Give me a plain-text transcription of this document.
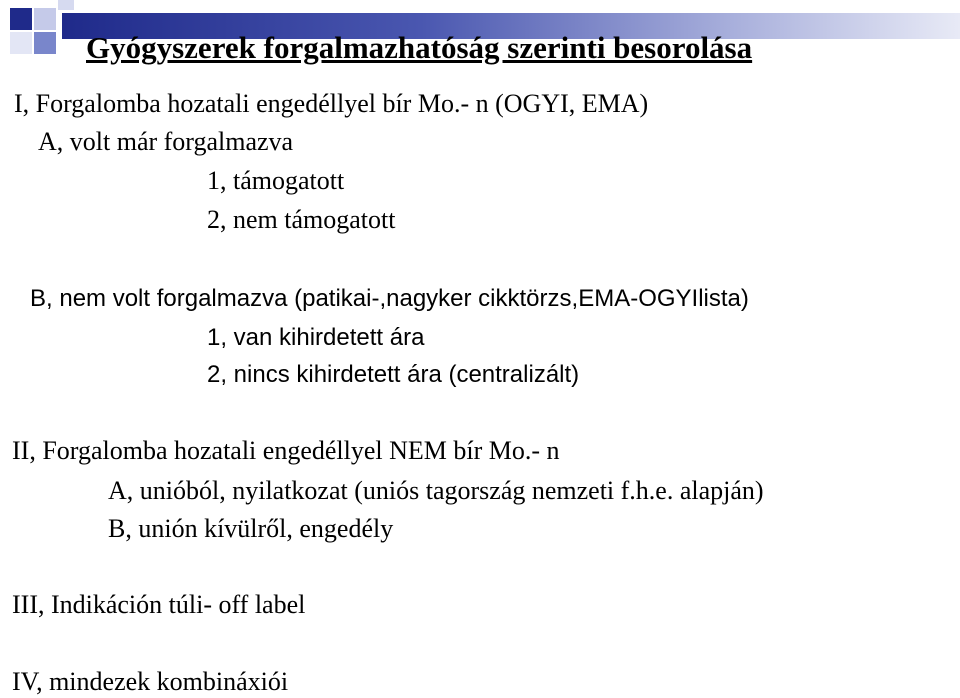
Gyógyszerek forgalmazhatóság szerinti besorolása

I, Forgalomba hozatali engedéllyel bír Mo.- n (OGYI, EMA)

A, volt már forgalmazva

1, támogatott

2, nem támogatott

B, nem volt forgalmazva (patikai-,nagyker cikktörzs,EMA-OGYIlista)

1, van kihirdetett ára

2, nincs kihirdetett ára (centralizált)

II, Forgalomba hozatali engedéllyel NEM bír Mo.- n

A, unióból, nyilatkozat (uniós tagország nemzeti f.h.e. alapján)

B, unión kívülről, engedély

III, Indikáción túli- off label

IV, mindezek kombináxiói
